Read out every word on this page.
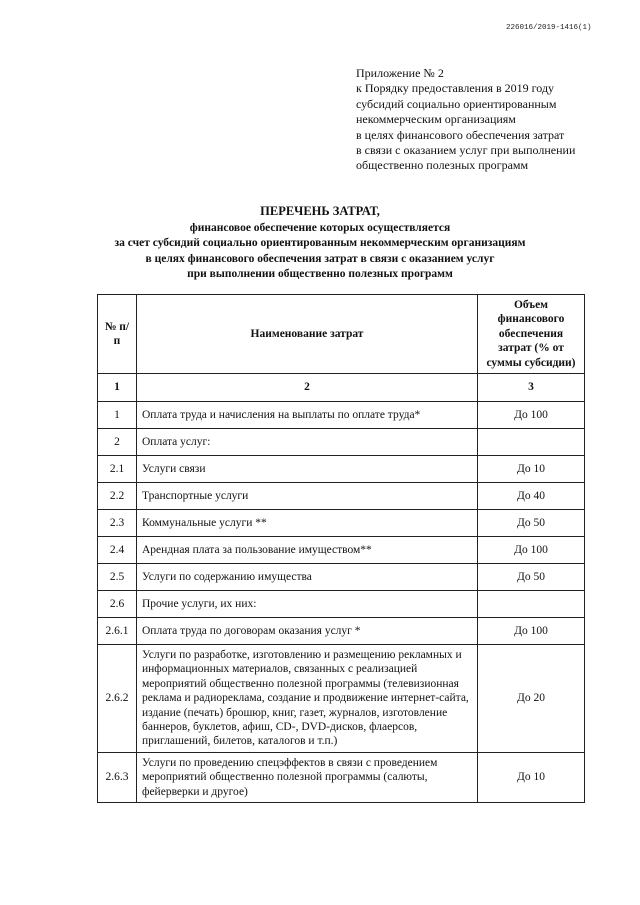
226016/2019-1416(1)
Приложение № 2
к Порядку предоставления в 2019 году
субсидий социально ориентированным
некоммерческим организациям
в целях финансового обеспечения затрат
в связи с оказанием услуг при выполнении
общественно полезных программ
ПЕРЕЧЕНЬ ЗАТРАТ,
финансовое обеспечение которых осуществляется
за счет субсидий социально ориентированным некоммерческим организациям
в целях финансового обеспечения затрат в связи с оказанием услуг
при выполнении общественно полезных программ
№ п/п	Наименование затрат	Объем финансового обеспечения затрат (% от суммы субсидии)
1	2	3
1	Оплата труда и начисления на выплаты по оплате труда*	До 100
2	Оплата услуг:	
2.1	Услуги связи	До 10
2.2	Транспортные услуги	До 40
2.3	Коммунальные услуги **	До 50
2.4	Арендная плата за пользование имуществом**	До 100
2.5	Услуги по содержанию имущества	До 50
2.6	Прочие услуги, их них:	
2.6.1	Оплата труда по договорам оказания услуг *	До 100
2.6.2	Услуги по разработке, изготовлению и размещению рекламных и информационных материалов, связанных с реализацией мероприятий общественно полезной программы (телевизионная реклама и радиореклама, создание и продвижение интернет-сайта, издание (печать) брошюр, книг, газет, журналов, изготовление баннеров, буклетов, афиш, CD-, DVD-дисков, флаерсов, приглашений, билетов, каталогов и т.п.)	До 20
2.6.3	Услуги по проведению спецэффектов в связи с проведением мероприятий общественно полезной программы (салюты, фейерверки и другое)	До 10
